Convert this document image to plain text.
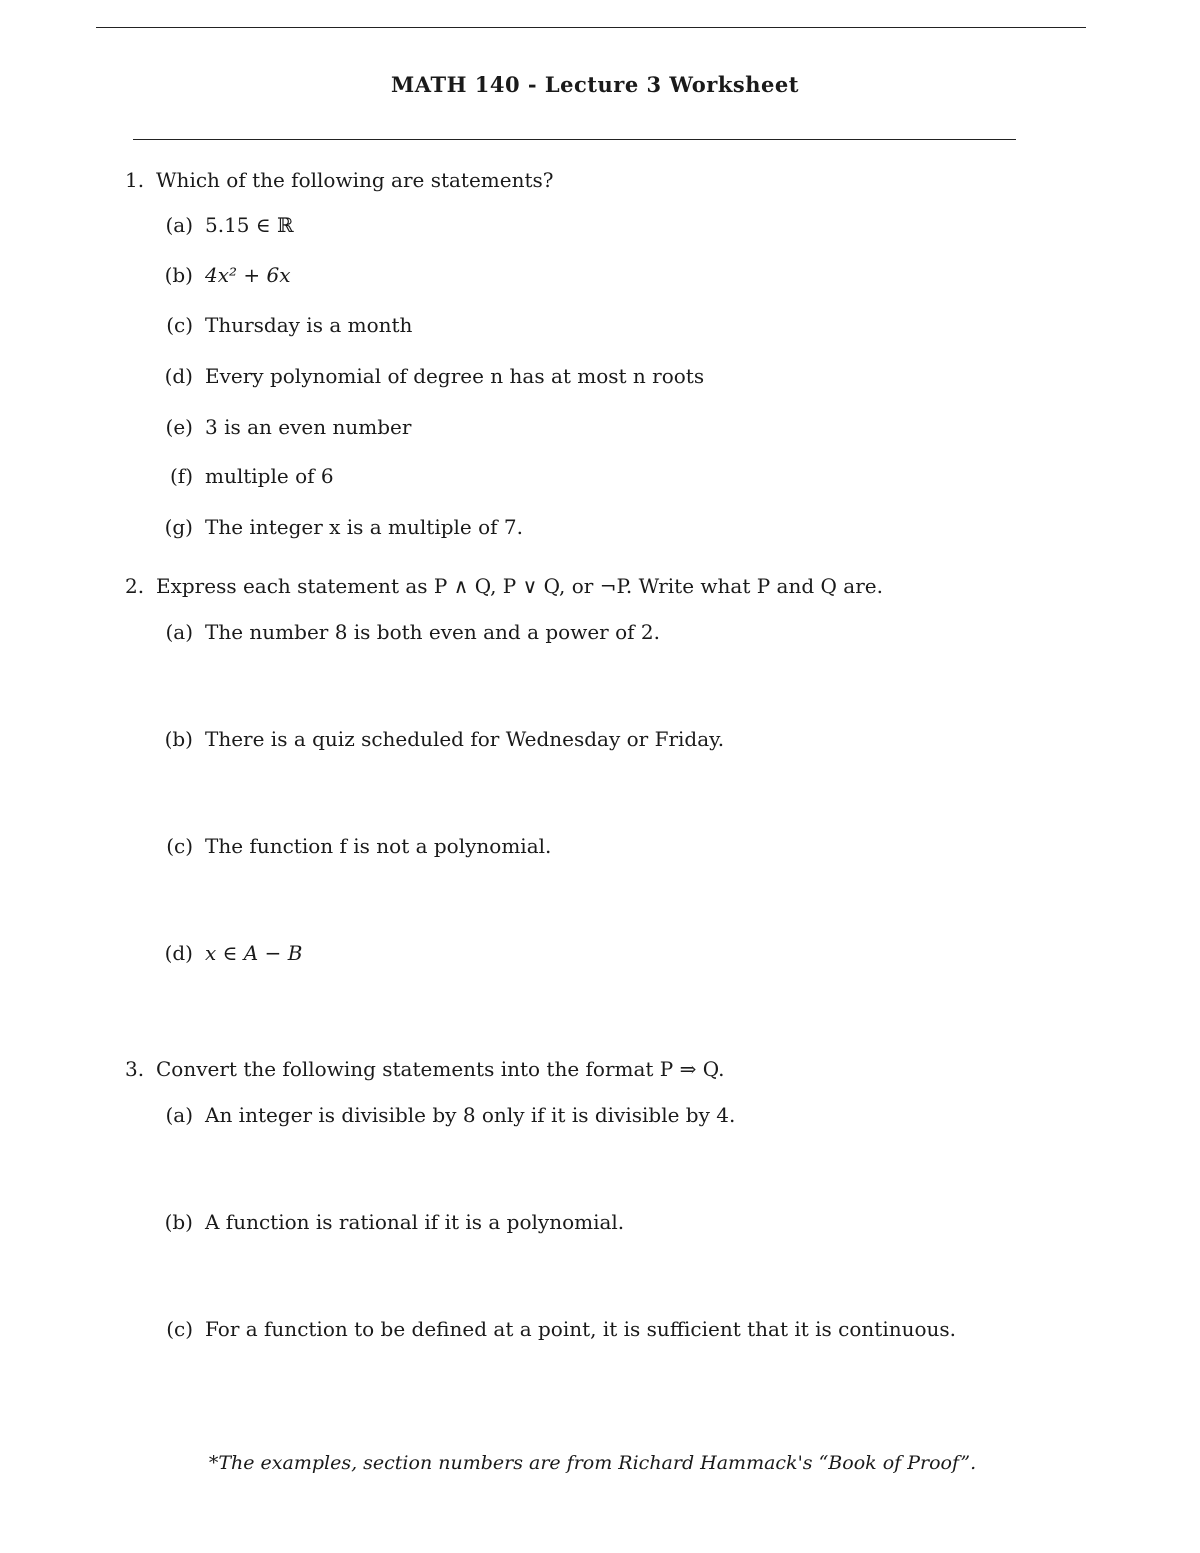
MATH 140 - Lecture 3 Worksheet
1. Which of the following are statements?
(a) 5.15 ∈ ℝ
(b) 4x² + 6x
(c) Thursday is a month
(d) Every polynomial of degree n has at most n roots
(e) 3 is an even number
(f) multiple of 6
(g) The integer x is a multiple of 7.
2. Express each statement as P ∧ Q, P ∨ Q, or ¬P. Write what P and Q are.
(a) The number 8 is both even and a power of 2.
(b) There is a quiz scheduled for Wednesday or Friday.
(c) The function f is not a polynomial.
(d) x ∈ A − B
3. Convert the following statements into the format P ⇒ Q.
(a) An integer is divisible by 8 only if it is divisible by 4.
(b) A function is rational if it is a polynomial.
(c) For a function to be defined at a point, it is sufficient that it is continuous.
*The examples, section numbers are from Richard Hammack's “Book of Proof”.
